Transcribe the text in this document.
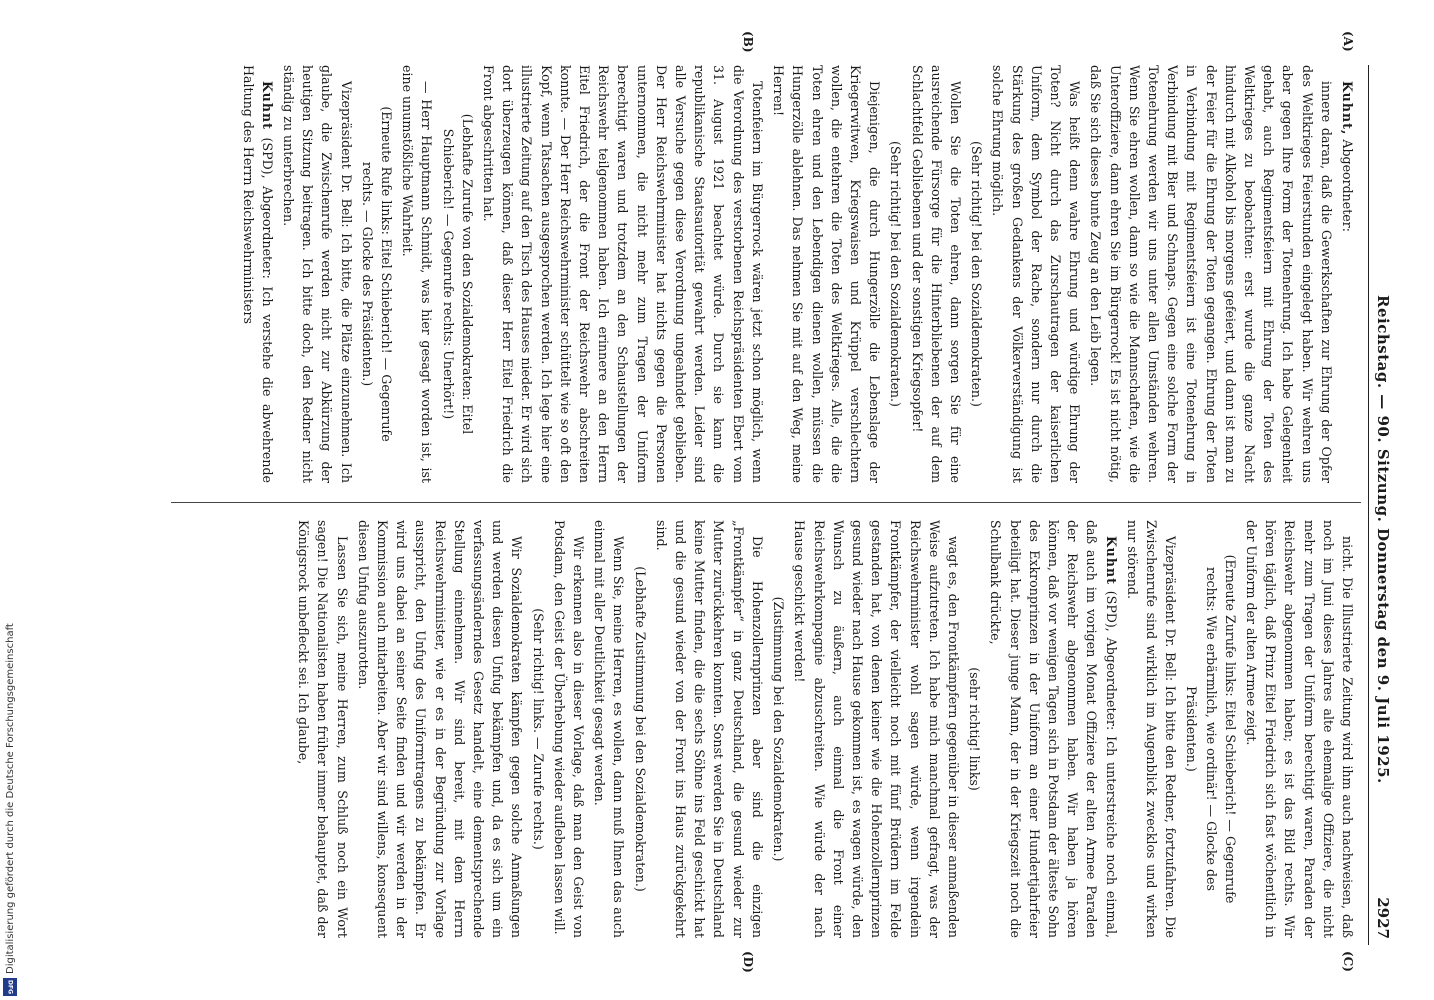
Reichstag. — 90. Sitzung. Donnerstag den 9. Juli 1925.
2927
(A)
(B)
(C)
(D)

Kuhnt, Abgeordneter:

innere daran, daß die Gewerkschaften zur Ehrung der Opfer des Weltkrieges Feierstunden eingelegt haben. Wir wehren uns aber gegen Ihre Form der Totenehrung. Ich habe Gelegenheit gehabt, auch Regimentsfeiern mit Ehrung der Toten des Weltkrieges zu beobachten: erst wurde die ganze Nacht hindurch mit Alkohol bis morgens gefeiert, und dann ist man zu der Feier für die Ehrung der Toten gegangen. Ehrung der Toten in Verbindung mit Regimentsfeiern ist eine Totenehrung in Verbindung mit Bier und Schnaps. Gegen eine solche Form der Totenehrung werden wir uns unter allen Umständen wehren. Wenn Sie ehren wollen, dann so wie die Mannschaften, wie die Unteroffiziere, dann ehren Sie im Bürgerrock! Es ist nicht nötig, daß Sie sich dieses bunte Zeug an den Leib legen.

Was heißt denn wahre Ehrung und würdige Ehrung der Toten? Nicht durch das Zurschautragen der kaiserlichen Uniform, dem Symbol der Rache, sondern nur durch die Stärkung des großen Gedankens der Völkerverständigung ist solche Ehrung möglich.

(Sehr richtig! bei den Sozialdemokraten.)

Wollen Sie die Toten ehren, dann sorgen Sie für eine ausreichende Fürsorge für die Hinterbliebenen der auf dem Schlachtfeld Gebliebenen und der sonstigen Kriegsopfer!

(Sehr richtig! bei den Sozialdemokraten.)

Diejenigen, die durch Hungerzölle die Lebenslage der Kriegerwitwen, Kriegswaisen und Krüppel verschlechtern wollen, die entehren die Toten des Weltkrieges. Alle, die die Toten ehren und den Lebendigen dienen wollen, müssen die Hungerzölle ablehnen. Das nehmen Sie mit auf den Weg, meine Herren!

Totenfeiern im Bürgerrock wären jetzt schon möglich, wenn die Verordnung des verstorbenen Reichspräsidenten Ebert vom 31. August 1921 beachtet würde. Durch sie kann die republikanische Staatsautorität gewahrt werden. Leider sind alle Versuche gegen diese Verordnung ungeahndet geblieben. Der Herr Reichswehrminister hat nichts gegen die Personen unternommen, die nicht mehr zum Tragen der Uniform berechtigt waren und trotzdem an den Schaustellungen der Reichswehr teilgenommen haben. Ich erinnere an den Herrn Eitel Friedrich, der die Front der Reichswehr abschreiten konnte. — Der Herr Reichswehrminister schüttelt wie so oft den Kopf, wenn Tatsachen ausgesprochen werden. Ich lege hier eine illustrierte Zeitung auf den Tisch des Hauses nieder. Er wird sich dort überzeugen können, daß dieser Herr Eitel Friedrich die Front abgeschritten hat.

(Lebhafte Zurufe von den Sozialdemokraten: Eitel Schieberich! — Gegenrufe rechts: Unerhört!)

— Herr Hauptmann Schmidt, was hier gesagt worden ist, ist eine unumstößliche Wahrheit.

(Erneute Rufe links: Eitel Schieberich! — Gegenrufe rechts. — Glocke des Präsidenten.)

Vizepräsident Dr. Bell: Ich bitte, die Plätze einzunehmen. Ich glaube, die Zwischenrufe werden nicht zur Abkürzung der heutigen Sitzung beitragen. Ich bitte doch, den Redner nicht ständig zu unterbrechen.

Kuhnt (SPD), Abgeordneter: Ich verstehe die abwehrende Haltung des Herrn Reichswehrministers

nicht. Die Illustrierte Zeitung wird ihm auch nachweisen, daß noch im Juni dieses Jahres alte ehemalige Offiziere, die nicht mehr zum Tragen der Uniform berechtigt waren, Paraden der Reichswehr abgenommen haben; es ist das Bild rechts. Wir hören täglich, daß Prinz Eitel Friedrich sich fast wöchentlich in der Uniform der alten Armee zeigt.

(Erneute Zurufe links: Eitel Schieberich! — Gegenrufe rechts: Wie erbärmlich, wie ordinär! — Glocke des Präsidenten.)

Vizepräsident Dr. Bell: Ich bitte den Redner, fortzufahren. Die Zwischenrufe sind wirklich im Augenblick zwecklos und wirken nur störend.

Kuhnt (SPD), Abgeordneter: Ich unterstreiche noch einmal, daß auch im vorigen Monat Offiziere der alten Armee Paraden der Reichswehr abgenommen haben. Wir haben ja hören können, daß vor wenigen Tagen sich in Potsdam der älteste Sohn des Exkronprinzen in der Uniform an einer Hundertjahrfeier beteiligt hat. Dieser junge Mann, der in der Kriegszeit noch die Schulbank drückte,

(sehr richtig! links)

wagt es, den Frontkämpfern gegenüber in dieser anmaßenden Weise aufzutreten. Ich habe mich manchmal gefragt, was der Reichswehrminister wohl sagen würde, wenn irgendein Frontkämpfer, der vielleicht noch mit fünf Brüdern im Felde gestanden hat, von denen keiner wie die Hohenzollernprinzen gesund wieder nach Hause gekommen ist, es wagen würde, den Wunsch zu äußern, auch einmal die Front einer Reichswehrkompagnie abzuschreiten. Wie würde der nach Hause geschickt werden!

(Zustimmung bei den Sozialdemokraten.)

Die Hohenzollernprinzen aber sind die einzigen „Frontkämpfer“ in ganz Deutschland, die gesund wieder zur Mutter zurückkehren konnten. Sonst werden Sie in Deutschland keine Mutter finden, die die sechs Söhne ins Feld geschickt hat und die gesund wieder von der Front ins Haus zurückgekehrt sind.

(Lebhafte Zustimmung bei den Sozialdemokraten.)

Wenn Sie, meine Herren, es wollen, dann muß Ihnen das auch einmal mit aller Deutlichkeit gesagt werden.

Wir erkennen also in dieser Vorlage, daß man den Geist von Potsdam, den Geist der Überhebung wieder aufleben lassen will.

(Sehr richtig! links. — Zurufe rechts.)

Wir Sozialdemokraten kämpfen gegen solche Anmaßungen und werden diesen Unfug bekämpfen und, da es sich um ein verfassungsänderndes Gesetz handelt, eine dementsprechende Stellung einnehmen. Wir sind bereit, mit dem Herrn Reichswehrminister, wie er es in der Begründung zur Vorlage ausspricht, den Unfug des Uniformtragens zu bekämpfen. Er wird uns dabei an seiner Seite finden und wir werden in der Kommission auch mitarbeiten. Aber wir sind willens, konsequent diesen Unfug auszurotten.

Lassen Sie sich, meine Herren, zum Schluß noch ein Wort sagen! Die Nationalisten haben früher immer behauptet, daß der Königsrock unbefleckt sei. Ich glaube,

Digitalisierung gefördert durch die Deutsche Forschungsgemeinschaft
DFG
